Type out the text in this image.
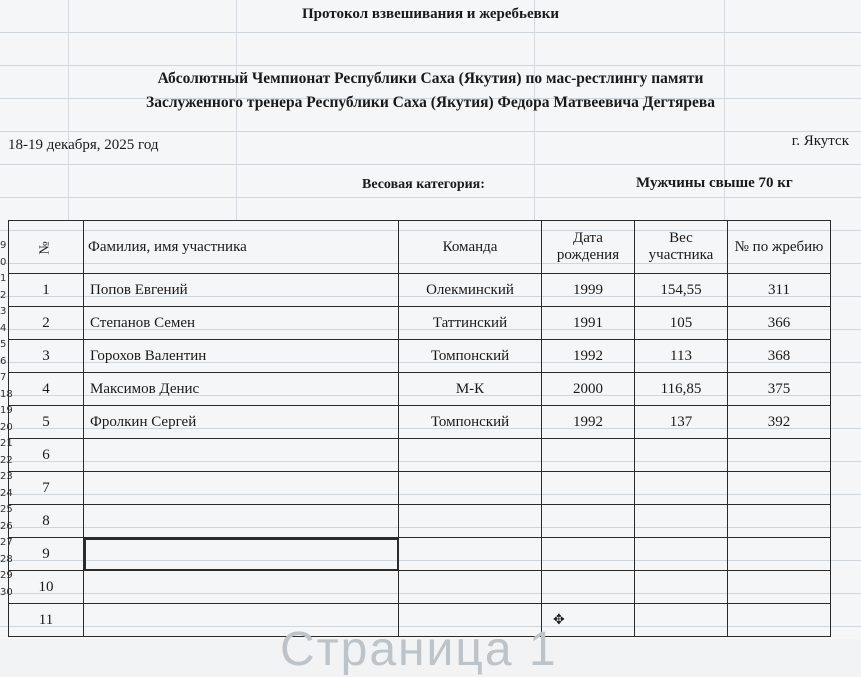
9
0
1
2
3
4
5
6
7
18
19
20
21
22
23
24
25
26
27
28
29
30
Протокол взвешивания и жеребьевки
Абсолютный Чемпионат Республики Саха (Якутия) по мас-рестлингу памяти
Заслуженного тренера Республики Саха (Якутия) Федора Матвеевича Дегтярева
18-19 декабря, 2025 год	г. Якутск
Весовая категория:	Мужчины свыше 70 кг
№	Фамилия, имя участника	Команда	Дата рождения	Вес участника	№ по жребию
1	Попов Евгений	Олекминский	1999	154,55	311
2	Степанов Семен	Таттинский	1991	105	366
3	Горохов Валентин	Томпонский	1992	113	368
4	Максимов Денис	М-К	2000	116,85	375
5	Фролкин Сергей	Томпонский	1992	137	392
6					
7					
8					
9					
10					
11						✥
Страница 1
